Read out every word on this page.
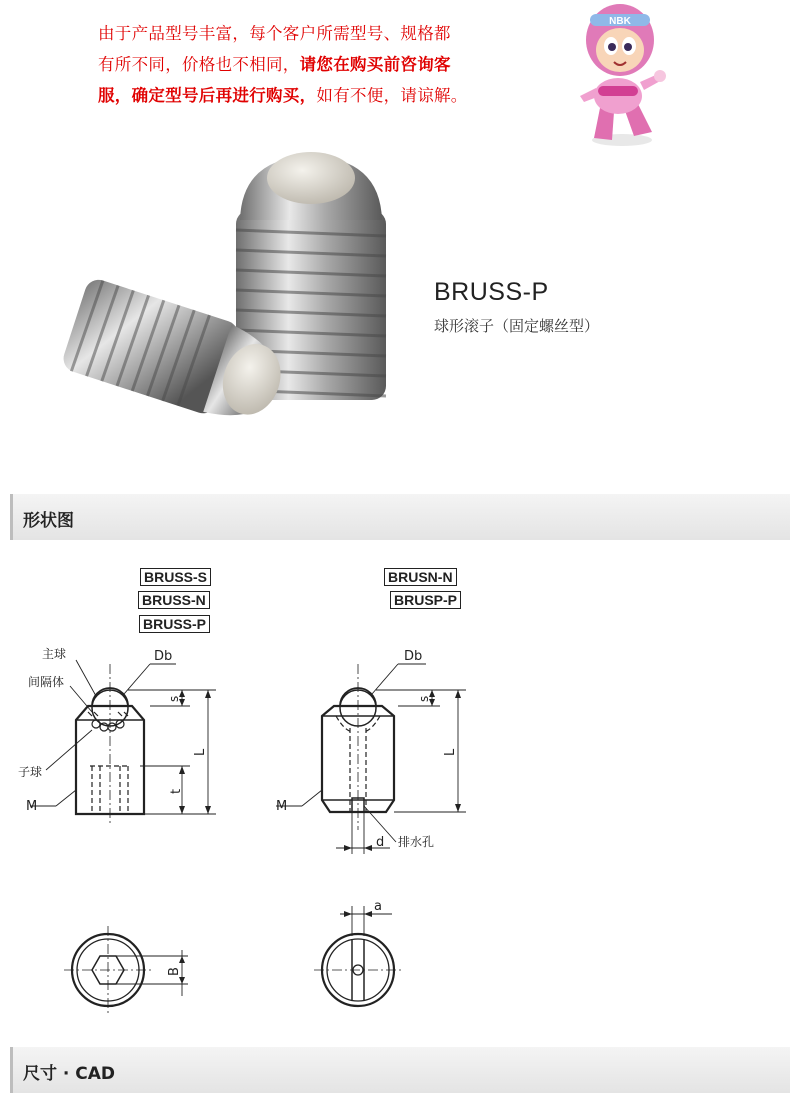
由于产品型号丰富，每个客户所需型号、规格都
有所不同，价格也不相同，请您在购买前咨询客
服，确定型号后再进行购买，如有不便，请谅解。
NBK
BRUSS-P
球形滚子（固定螺丝型）
形状图
BRUSS-S
BRUSS-N
BRUSS-P
BRUSN-N
BRUSP-P
主球
间隔体
子球
Db
M
s
L
t
Db
s
L
M
d 排水孔
a
B
尺寸 · CAD
